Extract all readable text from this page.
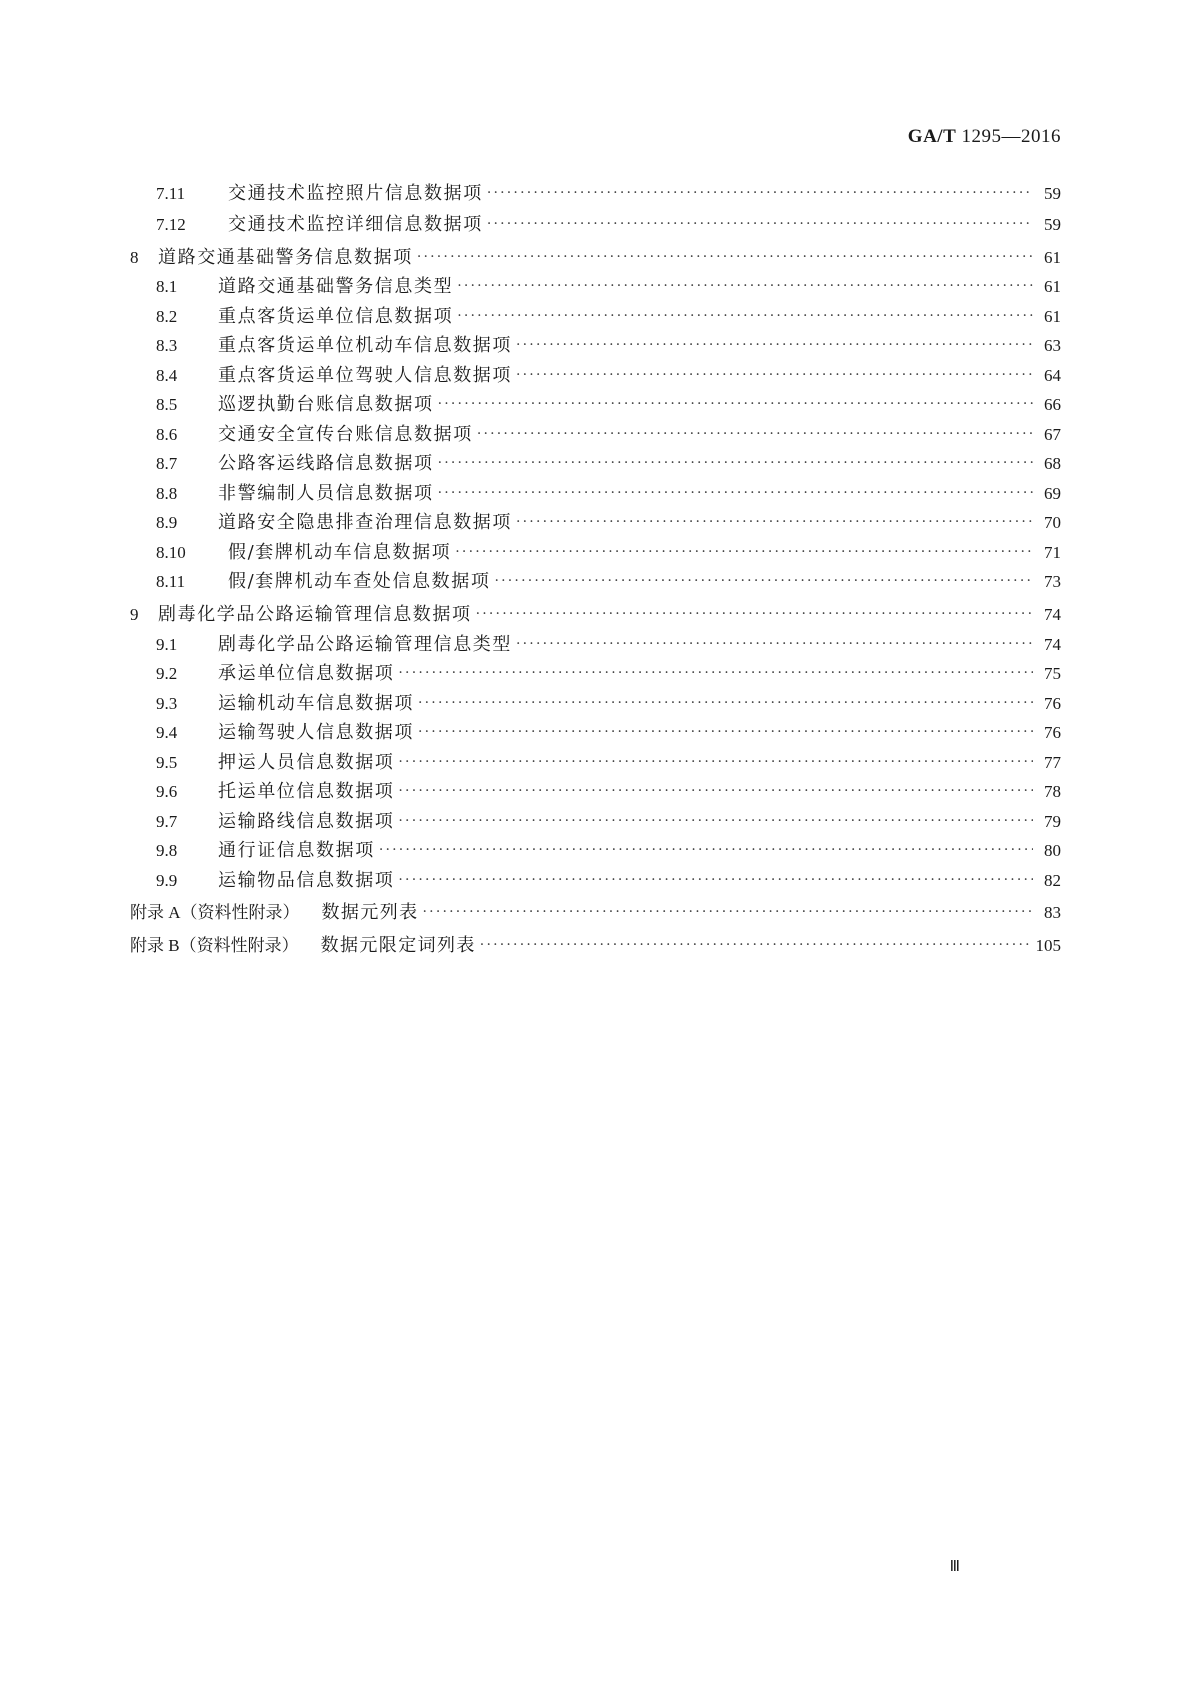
GA/T 1295—2016
7.11	交通技术监控照片信息数据项 ·····	59
7.12	交通技术监控详细信息数据项 ·····	59
8	道路交通基础警务信息数据项 ·····	61
8.1	道路交通基础警务信息类型 ·····	61
8.2	重点客货运单位信息数据项 ·····	61
8.3	重点客货运单位机动车信息数据项 ·····	63
8.4	重点客货运单位驾驶人信息数据项 ·····	64
8.5	巡逻执勤台账信息数据项 ·····	66
8.6	交通安全宣传台账信息数据项 ·····	67
8.7	公路客运线路信息数据项 ·····	68
8.8	非警编制人员信息数据项 ·····	69
8.9	道路安全隐患排查治理信息数据项 ·····	70
8.10	假/套牌机动车信息数据项 ·····	71
8.11	假/套牌机动车查处信息数据项 ·····	73
9	剧毒化学品公路运输管理信息数据项 ·····	74
9.1	剧毒化学品公路运输管理信息类型 ·····	74
9.2	承运单位信息数据项 ·····	75
9.3	运输机动车信息数据项 ·····	76
9.4	运输驾驶人信息数据项 ·····	76
9.5	押运人员信息数据项 ·····	77
9.6	托运单位信息数据项 ·····	78
9.7	运输路线信息数据项 ·····	79
9.8	通行证信息数据项 ·····	80
9.9	运输物品信息数据项 ·····	82
附录 A（资料性附录） 数据元列表 ·····	83
附录 B（资料性附录） 数据元限定词列表 ·····	105
Ⅲ
